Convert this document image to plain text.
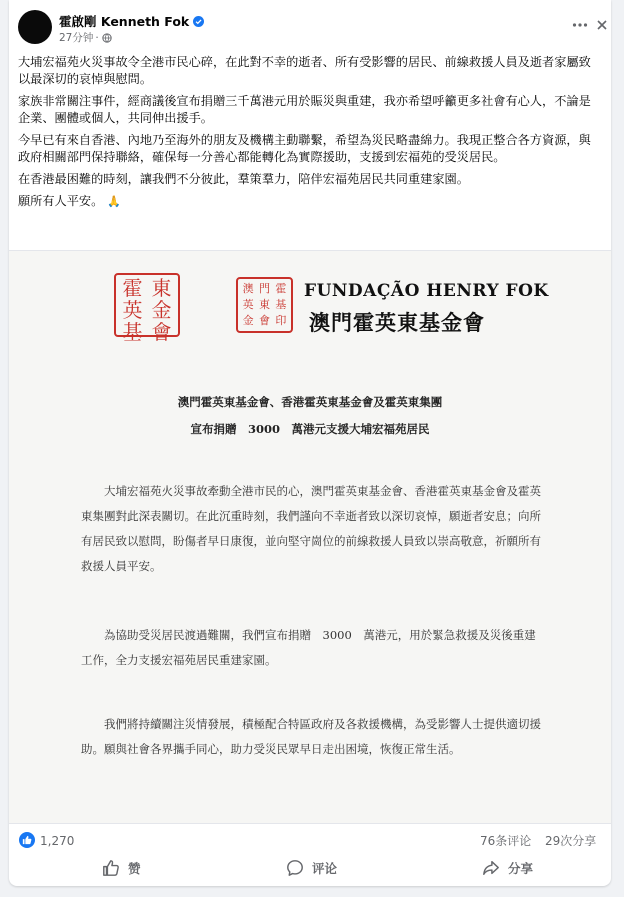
霍啟剛 Kenneth Fok
27分钟 ·

大埔宏福苑火災事故令全港市民心碎，在此對不幸的逝者、所有受影響的居民、前線救援人員及逝者家屬致以最深切的哀悼與慰問。

家族非常關注事件，經商議後宣布捐贈三千萬港元用於賑災與重建，我亦希望呼籲更多社會有心人，不論是企業、團體或個人，共同伸出援手。

今早已有來自香港、內地乃至海外的朋友及機構主動聯繫，希望為災民略盡綿力。我現正整合各方資源，與政府相關部門保持聯絡，確保每一分善心都能轉化為實際援助，支援到宏福苑的受災居民。

在香港最困難的時刻，讓我們不分彼此，羣策羣力，陪伴宏福苑居民共同重建家園。

願所有人平安。 🙏

霍 東
英 金
基 會
澳 門 霍
英 東 基
金 會 印
FUNDAÇÃO HENRY FOK
澳門霍英東基金會
澳門霍英東基金會、香港霍英東基金會及霍英東集團
宣布捐贈　3000　萬港元支援大埔宏福苑居民
大埔宏福苑火災事故牽動全港市民的心，澳門霍英東基金會、香港霍英東基金會及霍英東集團對此深表關切。在此沉重時刻，我們謹向不幸逝者致以深切哀悼，願逝者安息；向所有居民致以慰問，盼傷者早日康復，並向堅守崗位的前線救援人員致以崇高敬意，祈願所有救援人員平安。
為協助受災居民渡過難關，我們宣布捐贈　3000　萬港元，用於緊急救援及災後重建工作，全力支援宏福苑居民重建家園。
我們將持續關注災情發展，積極配合特區政府及各救援機構，為受影響人士提供適切援助。願與社會各界攜手同心，助力受災民眾早日走出困境，恢復正常生活。
1,270	76条评论 29次分享
赞	评论	分享
